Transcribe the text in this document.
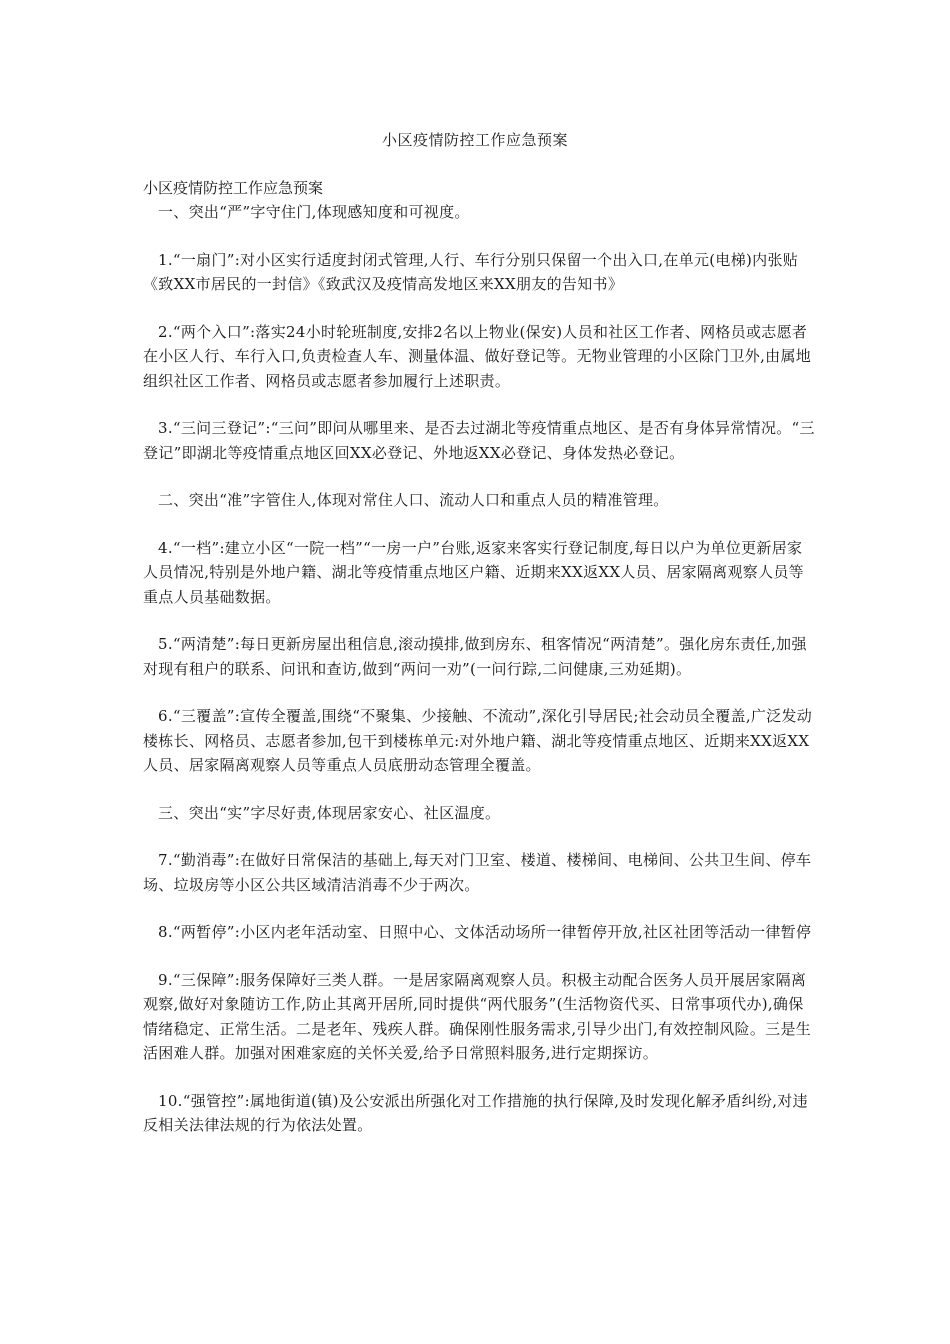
小区疫情防控工作应急预案

小区疫情防控工作应急预案

一、突出“严”字守住门,体现感知度和可视度。

1.“一扇门”:对小区实行适度封闭式管理,人行、车行分别只保留一个出入口,在单元(电梯)内张贴《致XX市居民的一封信》《致武汉及疫情高发地区来XX朋友的告知书》

2.“两个入口”:落实24小时轮班制度,安排2名以上物业(保安)人员和社区工作者、网格员或志愿者在小区人行、车行入口,负责检查人车、测量体温、做好登记等。无物业管理的小区除门卫外,由属地组织社区工作者、网格员或志愿者参加履行上述职责。

3.“三问三登记”:“三问”即问从哪里来、是否去过湖北等疫情重点地区、是否有身体异常情况。“三登记”即湖北等疫情重点地区回XX必登记、外地返XX必登记、身体发热必登记。

二、突出“准”字管住人,体现对常住人口、流动人口和重点人员的精准管理。

4.“一档”:建立小区“一院一档”“一房一户”台账,返家来客实行登记制度,每日以户为单位更新居家人员情况,特别是外地户籍、湖北等疫情重点地区户籍、近期来XX返XX人员、居家隔离观察人员等重点人员基础数据。

5.“两清楚”:每日更新房屋出租信息,滚动摸排,做到房东、租客情况“两清楚”。强化房东责任,加强对现有租户的联系、问讯和查访,做到“两问一劝”(一问行踪,二问健康,三劝延期)。

6.“三覆盖”:宣传全覆盖,围绕“不聚集、少接触、不流动”,深化引导居民;社会动员全覆盖,广泛发动楼栋长、网格员、志愿者参加,包干到楼栋单元:对外地户籍、湖北等疫情重点地区、近期来XX返XX人员、居家隔离观察人员等重点人员底册动态管理全覆盖。

三、突出“实”字尽好责,体现居家安心、社区温度。

7.“勤消毒”:在做好日常保洁的基础上,每天对门卫室、楼道、楼梯间、电梯间、公共卫生间、停车场、垃圾房等小区公共区域清洁消毒不少于两次。

8.“两暂停”:小区内老年活动室、日照中心、文体活动场所一律暂停开放,社区社团等活动一律暂停

9.“三保障”:服务保障好三类人群。一是居家隔离观察人员。积极主动配合医务人员开展居家隔离观察,做好对象随访工作,防止其离开居所,同时提供“两代服务”(生活物资代买、日常事项代办),确保情绪稳定、正常生活。二是老年、残疾人群。确保刚性服务需求,引导少出门,有效控制风险。三是生活困难人群。加强对困难家庭的关怀关爱,给予日常照料服务,进行定期探访。

10.“强管控”:属地街道(镇)及公安派出所强化对工作措施的执行保障,及时发现化解矛盾纠纷,对违反相关法律法规的行为依法处置。
